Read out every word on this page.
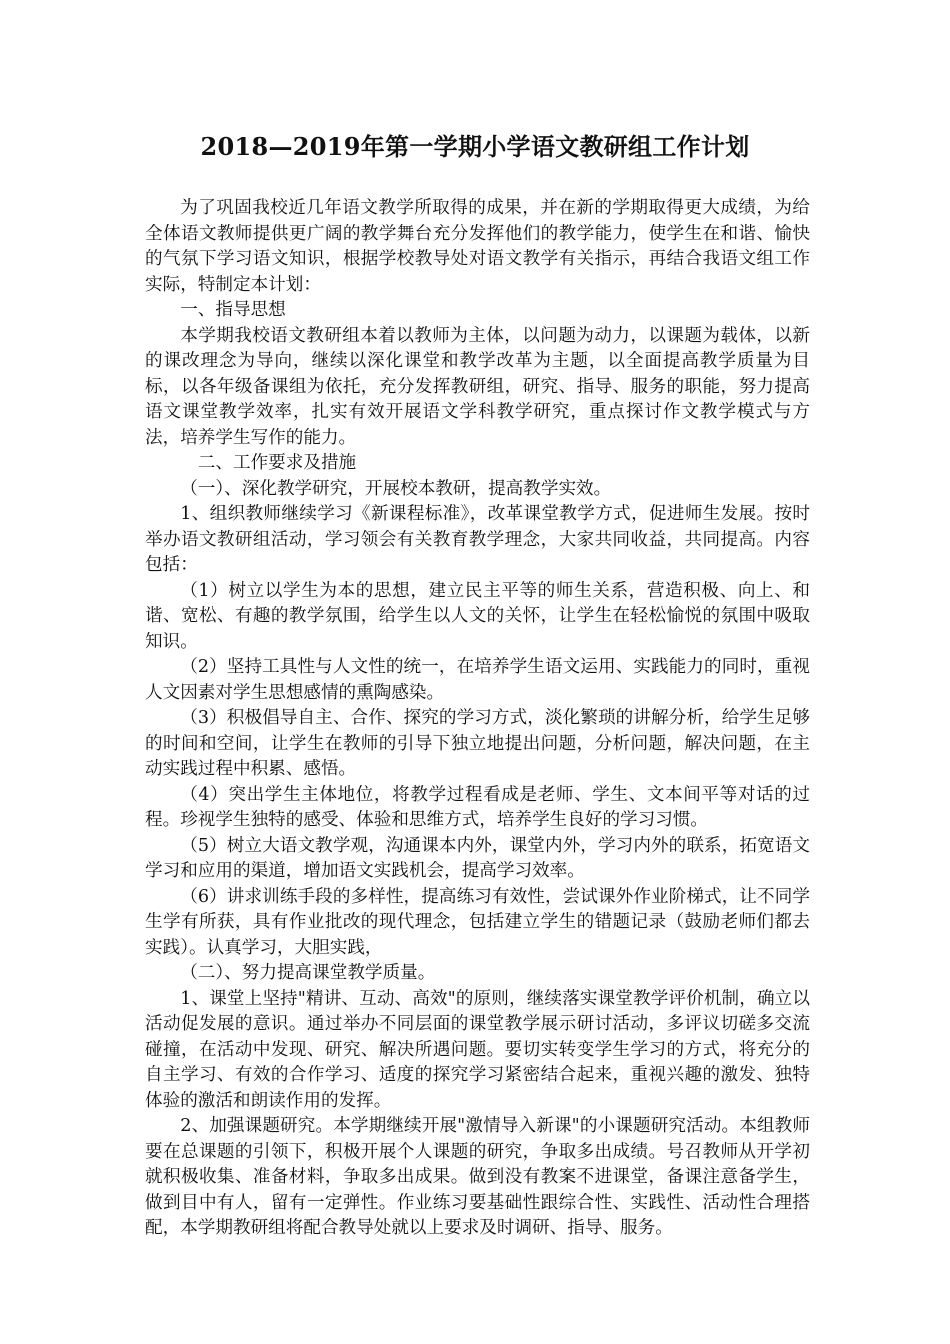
2018—2019年第一学期小学语文教研组工作计划

为了巩固我校近几年语文教学所取得的成果，并在新的学期取得更大成绩，为给全体语文教师提供更广阔的教学舞台充分发挥他们的教学能力，使学生在和谐、愉快的气氛下学习语文知识，根据学校教导处对语文教学有关指示，再结合我语文组工作实际，特制定本计划：

一、指导思想

本学期我校语文教研组本着以教师为主体，以问题为动力，以课题为载体，以新的课改理念为导向，继续以深化课堂和教学改革为主题，以全面提高教学质量为目标，以各年级备课组为依托，充分发挥教研组，研究、指导、服务的职能，努力提高语文课堂教学效率，扎实有效开展语文学科教学研究，重点探讨作文教学模式与方法，培养学生写作的能力。

二、工作要求及措施

（一）、深化教学研究，开展校本教研，提高教学实效。

1、组织教师继续学习《新课程标准》，改革课堂教学方式，促进师生发展。按时举办语文教研组活动，学习领会有关教育教学理念，大家共同收益，共同提高。内容包括：

（1）树立以学生为本的思想，建立民主平等的师生关系，营造积极、向上、和谐、宽松、有趣的教学氛围，给学生以人文的关怀，让学生在轻松愉悦的氛围中吸取知识。

（2）坚持工具性与人文性的统一，在培养学生语文运用、实践能力的同时，重视人文因素对学生思想感情的熏陶感染。

（3）积极倡导自主、合作、探究的学习方式，淡化繁琐的讲解分析，给学生足够的时间和空间，让学生在教师的引导下独立地提出问题，分析问题，解决问题，在主动实践过程中积累、感悟。

（4）突出学生主体地位，将教学过程看成是老师、学生、文本间平等对话的过程。珍视学生独特的感受、体验和思维方式，培养学生良好的学习习惯。

（5）树立大语文教学观，沟通课本内外，课堂内外，学习内外的联系，拓宽语文学习和应用的渠道，增加语文实践机会，提高学习效率。

（6）讲求训练手段的多样性，提高练习有效性，尝试课外作业阶梯式，让不同学生学有所获，具有作业批改的现代理念，包括建立学生的错题记录（鼓励老师们都去实践）。认真学习，大胆实践，

（二）、努力提高课堂教学质量。

1、课堂上坚持"精讲、互动、高效"的原则，继续落实课堂教学评价机制，确立以活动促发展的意识。通过举办不同层面的课堂教学展示研讨活动，多评议切磋多交流碰撞，在活动中发现、研究、解决所遇问题。要切实转变学生学习的方式，将充分的自主学习、有效的合作学习、适度的探究学习紧密结合起来，重视兴趣的激发、独特体验的激活和朗读作用的发挥。

2、加强课题研究。本学期继续开展"激情导入新课"的小课题研究活动。本组教师要在总课题的引领下，积极开展个人课题的研究，争取多出成绩。号召教师从开学初就积极收集、准备材料，争取多出成果。做到没有教案不进课堂，备课注意备学生，做到目中有人，留有一定弹性。作业练习要基础性跟综合性、实践性、活动性合理搭配，本学期教研组将配合教导处就以上要求及时调研、指导、服务。
